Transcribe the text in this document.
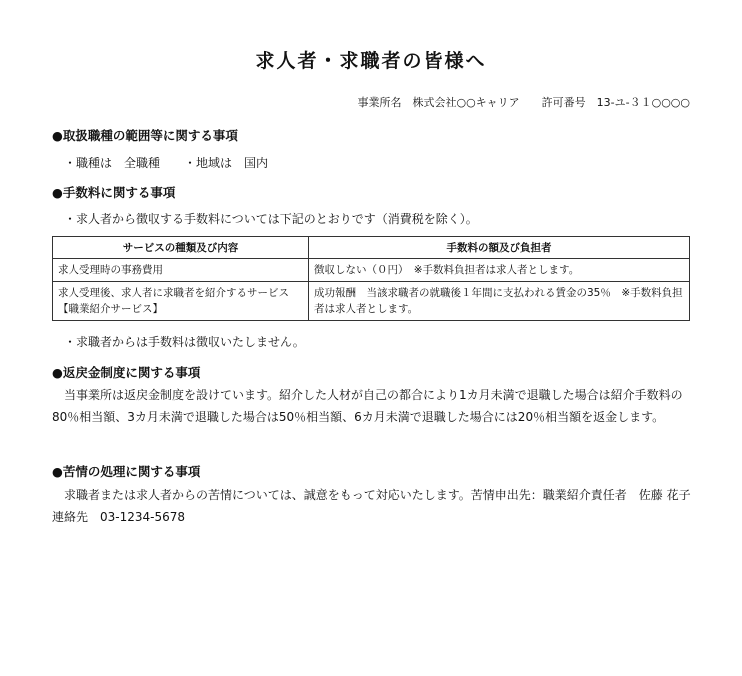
求人者・求職者の皆様へ
事業所名　株式会社○○キャリア　　許可番号　13-ユ-３１○○○○
●取扱職種の範囲等に関する事項
・職種は　全職種　　・地域は　国内
●手数料に関する事項
・求人者から徴収する手数料については下記のとおりです（消費税を除く）。
サービスの種類及び内容	手数料の額及び負担者
求人受理時の事務費用	徴収しない（０円）　※手数料負担者は求人者とします。
求人受理後、求人者に求職者を紹介するサービス【職業紹介サービス】	成功報酬　当該求職者の就職後１年間に支払われる賃金の35％　※手数料負担者は求人者とします。
・求職者からは手数料は徴収いたしません。
●返戻金制度に関する事項
当事業所は返戻金制度を設けています。紹介した人材が自己の都合により1カ月未満で退職した場合は紹介手数料の80％相当額、3カ月未満で退職した場合は50％相当額、6カ月未満で退職した場合には20％相当額を返金します。
●苦情の処理に関する事項
求職者または求人者からの苦情については、誠意をもって対応いたします。苦情申出先：職業紹介責任者　佐藤 花子　連絡先　03-1234-5678
